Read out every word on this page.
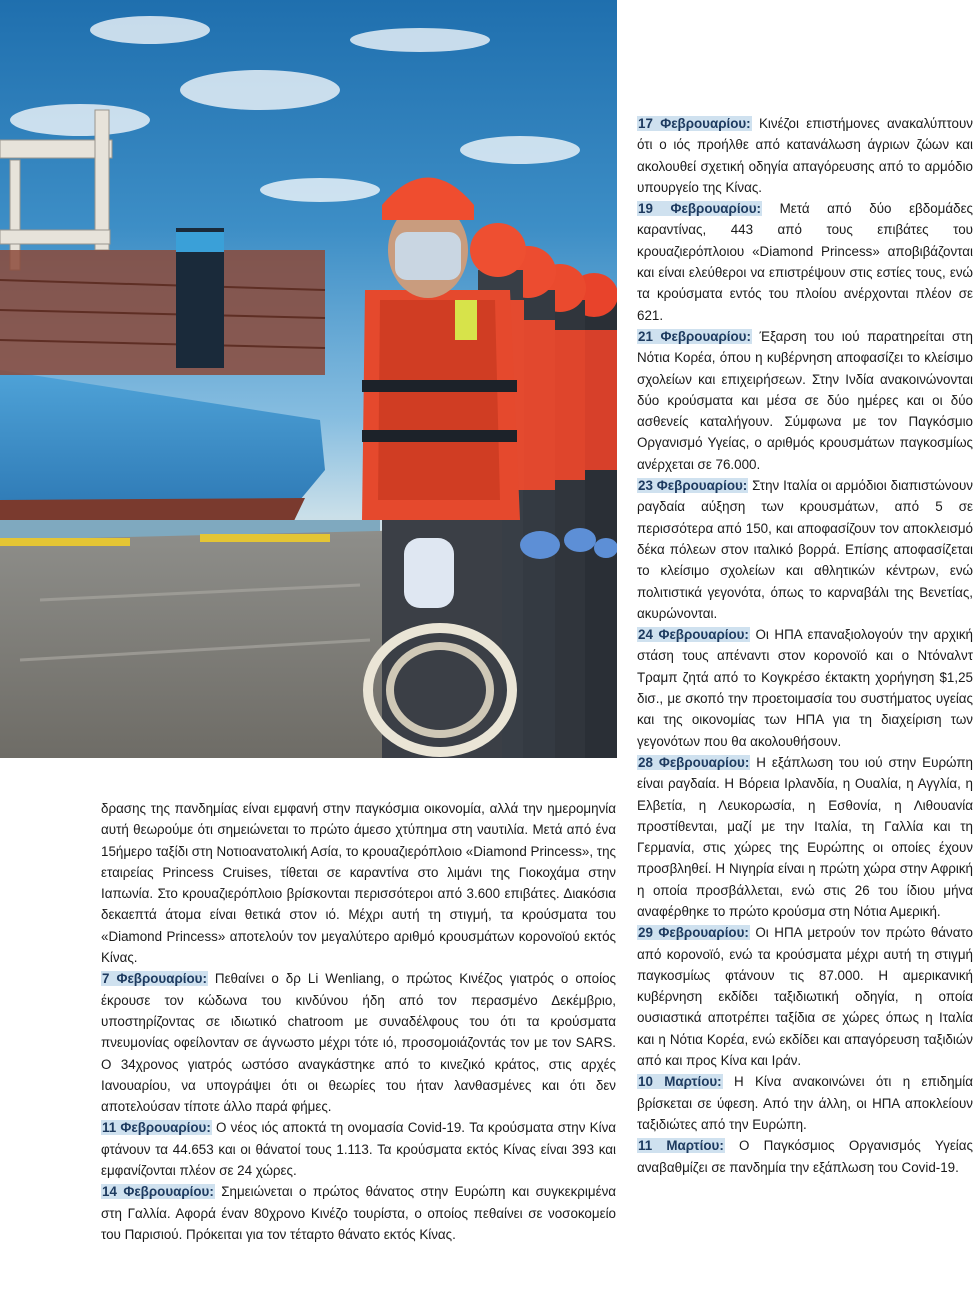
δρασης της πανδημίας είναι εμφανή στην παγκόσμια οικονομία, αλλά την ημερομηνία αυτή θεωρούμε ότι σημειώνεται το πρώτο άμεσο χτύπημα στη ναυτιλία. Μετά από ένα 15ήμερο ταξίδι στη Νοτιοανατολική Ασία, το κρουαζιερόπλοιο «Diamond Princess», της εταιρείας Princess Cruises, τίθεται σε καραντίνα στο λιμάνι της Γιοκοχάμα στην Ιαπωνία. Στο κρουαζιερόπλοιο βρίσκονται περισσότεροι από 3.600 επιβάτες. Διακόσια δεκαεπτά άτομα είναι θετικά στον ιό. Μέχρι αυτή τη στιγμή, τα κρούσματα του «Diamond Princess» αποτελούν τον μεγαλύτερο αριθμό κρουσμάτων κορονοϊού εκτός Κίνας.
7 Φεβρουαρίου: Πεθαίνει ο δρ Li Wenliang, ο πρώτος Κινέζος γιατρός ο οποίος έκρουσε τον κώδωνα του κινδύνου ήδη από τον περασμένο Δεκέμβριο, υποστηρίζοντας σε ιδιωτικό chatroom με συναδέλφους του ότι τα κρούσματα πνευμονίας οφείλονταν σε άγνωστο μέχρι τότε ιό, προσομοιάζοντάς τον με τον SARS. Ο 34χρονος γιατρός ωστόσο αναγκάστηκε από το κινεζικό κράτος, στις αρχές Ιανουαρίου, να υπογράψει ότι οι θεωρίες του ήταν λανθασμένες και ότι δεν αποτελούσαν τίποτε άλλο παρά φήμες.
11 Φεβρουαρίου: Ο νέος ιός αποκτά τη ονομασία Covid-19. Τα κρούσματα στην Κίνα φτάνουν τα 44.653 και οι θάνατοί τους 1.113. Τα κρούσματα εκτός Κίνας είναι 393 και εμφανίζονται πλέον σε 24 χώρες.
14 Φεβρουαρίου: Σημειώνεται ο πρώτος θάνατος στην Ευρώπη και συγκεκριμένα στη Γαλλία. Αφορά έναν 80χρονο Κινέζο τουρίστα, ο οποίος πεθαίνει σε νοσοκομείο του Παρισιού. Πρόκειται για τον τέταρτο θάνατο εκτός Κίνας.
17 Φεβρουαρίου: Κινέζοι επιστήμονες ανακαλύπτουν ότι ο ιός προήλθε από κατανάλωση άγριων ζώων και ακολουθεί σχετική οδηγία απαγόρευσης από το αρμόδιο υπουργείο της Κίνας.
19 Φεβρουαρίου: Μετά από δύο εβδομάδες καραντίνας, 443 από τους επιβάτες του κρουαζιερόπλοιου «Diamond Princess» αποβιβάζονται και είναι ελεύθεροι να επιστρέψουν στις εστίες τους, ενώ τα κρούσματα εντός του πλοίου ανέρχονται πλέον σε 621.
21 Φεβρουαρίου: Έξαρση του ιού παρατηρείται στη Νότια Κορέα, όπου η κυβέρνηση αποφασίζει το κλείσιμο σχολείων και επιχειρήσεων. Στην Ινδία ανακοινώνονται δύο κρούσματα και μέσα σε δύο ημέρες και οι δύο ασθενείς καταλήγουν. Σύμφωνα με τον Παγκόσμιο Οργανισμό Υγείας, ο αριθμός κρουσμάτων παγκοσμίως ανέρχεται σε 76.000.
23 Φεβρουαρίου: Στην Ιταλία οι αρμόδιοι διαπιστώνουν ραγδαία αύξηση των κρουσμάτων, από 5 σε περισσότερα από 150, και αποφασίζουν τον αποκλεισμό δέκα πόλεων στον ιταλικό βορρά. Επίσης αποφασίζεται το κλείσιμο σχολείων και αθλητικών κέντρων, ενώ πολιτιστικά γεγονότα, όπως το καρναβάλι της Βενετίας, ακυρώνονται.
24 Φεβρουαρίου: Οι ΗΠΑ επαναξιολογούν την αρχική στάση τους απέναντι στον κορονοϊό και ο Ντόναλντ Τραμπ ζητά από το Κογκρέσο έκτακτη χορήγηση $1,25 δισ., με σκοπό την προετοιμασία του συστήματος υγείας και της οικονομίας των ΗΠΑ για τη διαχείριση των γεγονότων που θα ακολουθήσουν.
28 Φεβρουαρίου: Η εξάπλωση του ιού στην Ευρώπη είναι ραγδαία. Η Βόρεια Ιρλανδία, η Ουαλία, η Αγγλία, η Ελβετία, η Λευκορωσία, η Εσθονία, η Λιθουανία προστίθενται, μαζί με την Ιταλία, τη Γαλλία και τη Γερμανία, στις χώρες της Ευρώπης οι οποίες έχουν προσβληθεί. Η Νιγηρία είναι η πρώτη χώρα στην Αφρική η οποία προσβάλλεται, ενώ στις 26 του ίδιου μήνα αναφέρθηκε το πρώτο κρούσμα στη Νότια Αμερική.
29 Φεβρουαρίου: Οι ΗΠΑ μετρούν τον πρώτο θάνατο από κορονοϊό, ενώ τα κρούσματα μέχρι αυτή τη στιγμή παγκοσμίως φτάνουν τις 87.000. Η αμερικανική κυβέρνηση εκδίδει ταξιδιωτική οδηγία, η οποία ουσιαστικά αποτρέπει ταξίδια σε χώρες όπως η Ιταλία και η Νότια Κορέα, ενώ εκδίδει και απαγόρευση ταξιδιών από και προς Κίνα και Ιράν.
10 Μαρτίου: Η Κίνα ανακοινώνει ότι η επιδημία βρίσκεται σε ύφεση. Από την άλλη, οι ΗΠΑ αποκλείουν ταξιδιώτες από την Ευρώπη.
11 Μαρτίου: Ο Παγκόσμιος Οργανισμός Υγείας αναβαθμίζει σε πανδημία την εξάπλωση του Covid-19.
